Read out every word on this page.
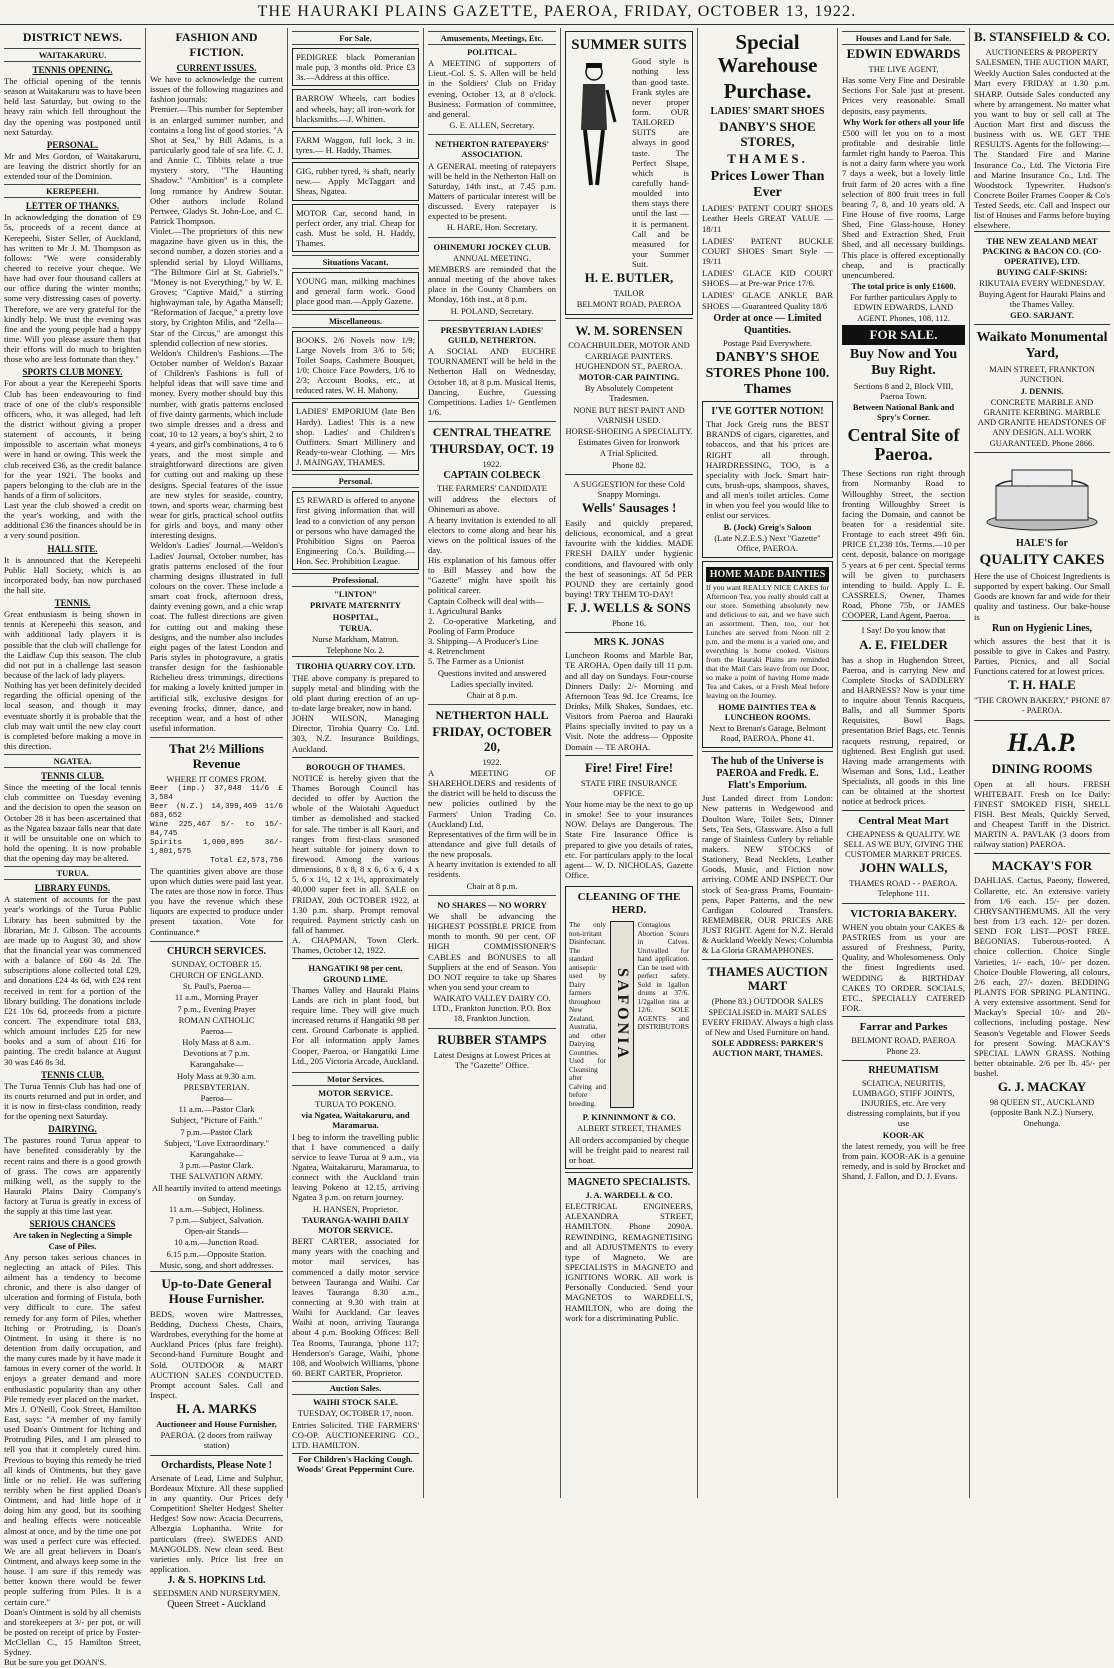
THE HAURAKI PLAINS GAZETTE, PAEROA, FRIDAY, OCTOBER 13, 1922.
DISTRICT NEWS.
WAITAKARURU.
TENNIS OPENING.

The official opening of the tennis season at Waitakaruru was to have been held last Saturday, but owing to the heavy rain which fell throughout the day the opening was postponed until next Saturday.

PERSONAL.

Mr and Mrs Gordon, of Waitakaruru, are leaving the district shortly for an extended tour of the Dominion.

KEREPEEHI.
LETTER OF THANKS.

In acknowledging the donation of £9 5s, proceeds of a recent dance at Kerepeehi, Sister Seller, of Auckland, has written to Mr J. M. Thompson as follows: "We were considerably cheered to receive your cheque. We have had over four thousand callers at our office during the winter months; some very distressing cases of poverty. Therefore, we are very grateful for the kindly help. We trust the evening was fine and the young people had a happy time. Will you please assure them that their efforts will do much to brighten those who are less fortunate than they."

SPORTS CLUB MONEY.

For about a year the Kerepeehi Sports Club has been endeavouring to find trace of one of the club's responsible officers, who, it was alleged, had left the district without giving a proper statement of accounts, it being impossible to ascertain what moneys were in hand or owing. This week the club received £36, as the credit balance for the year 1921. The books and papers belonging to the club are in the hands of a firm of solicitors.

Last year the club showed a credit on the year's working, and with the additional £36 the finances should be in a very sound position.

HALL SITE.

It is announced that the Kerepeehi Public Hall Society, which is an incorporated body, has now purchased the hall site.

TENNIS.

Great enthusiasm is being shown in tennis at Kerepeehi this season, and with additional lady players it is possible that the club will challenge for the Laidlaw Cup this season. The club did not put in a challenge last season because of the lack of lady players.

Nothing has yet been definitely decided regarding the official opening of the local season, and though it may eventuate shortly it is probable that the club may wait until the new clay court is completed before making a move in this direction.

NGATEA.
TENNIS CLUB.

Since the meeting of the local tennis club committee on Tuesday evening and the decision to open the season on October 28 it has been ascertained that as the Ngatea bazaar falls near that date it will be unsuitable one on which to hold the opening. It is now probable that the opening day may be altered.

TURUA.
LIBRARY FUNDS.

A statement of accounts for the past year's workings of the Turua Public Library has been submitted by the librarian, Mr J. Gibson. The accounts are made up to August 30, and show that the financial year was commenced with a balance of £60 4s 2d. The subscriptions alone collected total £29, and donations £24 4s 6d, with £24 rent received in rent for a portion of the library building. The donations include £21 10s 6d, proceeds from a picture concert. The expenditure total £83, which amount includes £25 for new books and a sum of about £16 for painting. The credit balance at August 30 was £46 8s 3d.

TENNIS CLUB.

The Turua Tennis Club has had one of its courts returned and put in order, and it is now in first-class condition, ready for the opening next Saturday.

DAIRYING.

The pastures round Turua appear to have benefited considerably by the recent rains and there is a good growth of grass. The cows are apparently milking well, as the supply to the Hauraki Plains Dairy Company's factory at Turua is greatly in excess of the supply at this time last year.

SERIOUS CHANCES
Are taken in Neglecting a Simple Case of Piles.

Any person takes serious chances in neglecting an attack of Piles. This ailment has a tendency to become chronic, and there is also danger of ulceration and forming of Fistula, both very difficult to cure. The safest remedy for any form of Piles, whether Itching or Protruding, is Doan's Ointment. In using it there is no detention from daily occupation, and the many cures made by it have made it famous in every corner of the world. It enjoys a greater demand and more enthusiastic popularity than any other Pile remedy ever placed on the market.

Mrs J. O'Neill, Cook Street, Hamilton East, says: "A member of my family used Doan's Ointment for Itching and Protruding Piles, and I am pleased to tell you that it completely cured him. Previous to buying this remedy he tried all kinds of Ointments, but they gave little or no relief. He was suffering terribly when he first applied Doan's Ointment, and had little hope of it doing him any good, but its soothing and healing effects were noticeable almost at once, and by the time one pot was used a perfect cure was effected. We are all great believers in Doan's Ointment, and always keep some in the house. I am sure if this remedy was better known there would be fewer people suffering from Piles. It is a certain cure."

Doan's Ointment is sold by all chemists and storekeepers at 3/- per pot, or will be posted on receipt of price by Foster-McClellan C., 15 Hamilton Street, Sydney.

But be sure you get DOAN'S.

FASHION AND FICTION.
CURRENT ISSUES.

We have to acknowledge the current issues of the following magazines and fashion journals:

Premier.—This number for September is an enlarged summer number, and contains a long list of good stories. "A Shot at Sea," by Bill Adams, is a particularly good tale of sea life. C. J. and Annie C. Tibbits relate a true mystery story, "The Haunting Shadow." "Ambition" is a complete long romance by Andrew Soutar. Other authors include Roland Pertwee, Gladys St. John-Loe, and C. Patrick Thompson.

Violet.—The proprietors of this new magazine have given us in this, the second number, a dozen stories and a splendid serial by Lloyd Williams, "The Biltmore Girl at St. Gabriel's." "Money is not Everything," by W. E. Groves; "Captive Maid," a stirring highwayman tale, by Agatha Mansell; "Reformation of Jacque," a pretty love story, by Crighton Milis, and "Zella—Star of the Circus," are amongst this splendid collection of new stories.

Weldon's Children's Fashions.—The October number of Weldon's Bazaar of Children's Fashions is full of helpful ideas that will save time and money. Every mother should buy this number, with gratis patterns enclosed of five dainty garments, which include two simple dresses and a dress and coat, 10 to 12 years, a boy's shirt, 2 to 4 years, and girl's combinations, 4 to 6 years, and the most simple and straightforward directions are given for cutting out and making up these designs. Special features of the issue are new styles for seaside, country, town, and sports wear, charming best wear for girls, practical school outfits for girls and boys, and many other interesting designs.

Weldon's Ladies' Journal.—Weldon's Ladies' Journal, October number, has gratis patterns enclosed of the four charming designs illustrated in full colours on the cover. These include a smart coat frock, afternoon dress, dainty evening gown, and a chic wrap coat. The fullest directions are given for cutting out and making these designs, and the number also includes eight pages of the latest London and Paris styles in photogravure, a gratis transfer design for the fashionable Richelieu dress trimmings, directions for making a lovely knitted jumper in artificial silk, exclusive designs for evening frocks, dinner, dance, and reception wear, and a host of other useful information.

That 2½ Millions Revenue
WHERE IT COMES FROM.

Beer (imp.) 37,848 11/6 £ 3,584

Beer (N.Z.) 14,399,469 11/6 683,652

Wine 225,467 5/- to 15/- 84,745

Spirits 1,000,895 36/- 1,801,575

Total £2,573,756

The quantities given above are those upon which duties were paid last year. The rates are those now in force. Thus you have the revenue which these liquors are expected to produce under present taxation. Vote for Continuance.*

CHURCH SERVICES.
SUNDAY, OCTOBER 15.
CHURCH OF ENGLAND.
St. Paul's, Paeroa—
11 a.m., Morning Prayer
7 p.m., Evening Prayer
ROMAN CATHOLIC
Paeroa—
Holy Mass at 8 a.m.
Devotions at 7 p.m.
Karangahake—
Holy Mass at 9.30 a.m.
PRESBYTERIAN.
Paeroa—
11 a.m.—Pastor Clark
Subject, "Picture of Faith."
7 p.m.—Pastor Clark
Subject, "Love Extraordinary."
Karangahake—
3 p.m.—Pastor Clark.
THE SALVATION ARMY.
All heartily invited to attend meetings on Sunday.
11 a.m.—Subject, Holiness.
7 p.m.—Subject, Salvation.
Open-air Stands—
10 a.m.—Junction Road.
6.15 p.m.—Opposite Station.
Music, song, and short addresses.
Up-to-Date General House Furnisher.

BEDS, woven wire Mattresses, Bedding, Duchess Chests, Chairs, Wardrobes, everything for the home at Auckland Prices (plus fare freight). Second-hand Furniture Bought and Sold. OUTDOOR & MART AUCTION SALES CONDUCTED. Prompt account Sales. Call and Inspect.

H. A. MARKS
Auctioneer and House Furnisher,
PAEROA. (2 doors from railway station)
Orchardists, Please Note !

Arsenate of Lead, Lime and Sulphur, Bordeaux Mixture. All these supplied in any quantity. Our Prices defy Competition! Shelter Hedges! Shelter Hedges! Sow now: Acacia Decurrens, Albezgia Lophantha. Write for particulars (free). SWEDES AND MANGOLDS. New clean seed. Best varieties only. Price list free on application.

J. & S. HOPKINS Ltd.
SEEDSMEN AND NURSERYMEN.
Queen Street - Auckland
For Sale.

PEDIGREE black Pomeranian male pup, 3 months old. Price £3 3s.—Address at this office.

BARROW Wheels, cart bodies and wheels, hay; all iron-work for blacksmiths.—J. Whitten.

FARM Waggon, full lock, 3 in. tyres.— H. Haddy, Thames.

GIG, rubber tyred, ¾ shaft, nearly new.— Apply McTaggart and Sheas, Ngatea.

MOTOR Car, second hand, in perfect order, any trial. Cheap for cash. Must be sold. H. Haddy, Thames.

Situations Vacant.

YOUNG man, milking machines and general farm work. Good place good man.—Apply Gazette.

Miscellaneous.

BOOKS. 2/6 Novels now 1/9; Large Novels from 3/6 to 5/6; Toilet Soaps, Cashmere Bouquet, 1/0; Choice Face Powders, 1/6 to 2/3; Account Books, etc., at reduced rates. W. H. Mahony.

LADIES' EMPORIUM (late Ben Hardy). Ladies! This is a new shop. Ladies' and Children's Outfitters. Smart Millinery and Ready-to-wear Clothing. — Mrs J. MAINGAY, THAMES.

Personal.

£5 REWARD is offered to anyone first giving information that will lead to a conviction of any person or persons who have damaged the Prohibition Signs on Paeroa Engineering Co.'s. Building.— Hon. Sec. Prohibition League.

Professional.
"LINTON"
PRIVATE MATERNITY
HOSPITAL,
TURUA.
Nurse Markham, Matron.
Telephone No. 2.
TIROHIA QUARRY COY. LTD.

THE above company is prepared to supply metal and blinding with the old plant during erection of an up-to-date large breaker, now in hand.

JOHN WILSON, Managing Director, Tirohia Quarry Co. Ltd. 303, N.Z. Insurance Buildings, Auckland.

BOROUGH OF THAMES.

NOTICE is hereby given that the Thames Borough Council has decided to offer by Auction the whole of the Waiotahi Aqueduct timber as demolished and stacked for sale. The timber is all Kauri, and ranges from first-class seasoned heart suitable for joinery down to firewood. Among the various dimensions, 8 x 8, 8 x 6, 6 x 6, 4 x 5, 6 x 1½, 12 x 1½, approximately 40,000 super feet in all. SALE on FRIDAY, 20th OCTOBER 1922, at 1.30 p.m. sharp. Prompt removal required. Payment strictly cash on fall of hammer.

A. CHAPMAN, Town Clerk. Thames, October 12, 1922.

HANGATIKI 98 per cent. GROUND LIME.

Thames Valley and Hauraki Plains Lands are rich in plant food, but require lime. They will give much increased returns if Hangatiki 98 per cent. Ground Carbonate is applied. For all information apply James Cooper, Paeroa, or Hangatiki Lime Ltd., 205 Victoria Arcade, Auckland.

Motor Services.
MOTOR SERVICE.
TURUA TO POKENO.
via Ngatea, Waitakaruru, and Maramarua.

I beg to inform the travelling public that I have commenced a daily service to leave Turua at 9 a.m., via Ngatea, Waitakaruru, Maramarua, to connect with the Auckland train leaving Pokeno at 12.15, arriving Ngatea 3 p.m. on return journey.

H. HANSEN, Proprietor.
TAURANGA-WAIHI DAILY MOTOR SERVICE.

BERT CARTER, associated for many years with the coaching and motor mail services, has commenced a daily motor service between Tauranga and Waihi. Car leaves Tauranga 8.30 a.m., connecting at 9.30 with train at Waihi for Auckland. Car leaves Waihi at noon, arriving Tauranga about 4 p.m. Booking Offices: Bell Tea Rooms, Tauranga, 'phone 117; Henderson's Garage, Waihi, 'phone 108, and Woolwich Williams, 'phone 60. BERT CARTER, Proprietor.

Auction Sales.
WAIHI STOCK SALE.
TUESDAY, OCTOBER 17, noon.

Entries Solicited. THE FARMERS' CO-OP. AUCTIONEERING CO., LTD. HAMILTON.

For Children's Hacking Cough. Woods' Great Peppermint Cure.
Amusements, Meetings, Etc.
POLITICAL.

A MEETING of supporters of Lieut.-Col. S. S. Allen will be held in the Soldiers' Club on Friday evening, October 13, at 8 o'clock. Business: Formation of committee, and general.

G. E. ALLEN, Secretary.
NETHERTON RATEPAYERS' ASSOCIATION.

A GENERAL meeting of ratepayers will be held in the Netherton Hall on Saturday, 14th inst., at 7.45 p.m. Matters of particular interest will be discussed. Every ratepayer is expected to be present.

H. HARE, Hon. Secretary.
OHINEMURI JOCKEY CLUB.
ANNUAL MEETING.

MEMBERS are reminded that the annual meeting of the above takes place in the County Chambers on Monday, 16th inst., at 8 p.m.

H. POLAND, Secretary.
PRESBYTERIAN LADIES' GUILD, NETHERTON.

A SOCIAL AND EUCHRE TOURNAMENT will be held in the Netherton Hall on Wednesday, October 18, at 8 p.m. Musical Items, Dancing, Euchre, Guessing Competitions. Ladies 1/- Gentlemen 1/6.

CENTRAL THEATRE
THURSDAY, OCT. 19
1922.
CAPTAIN COLBECK
THE FARMERS' CANDIDATE

will address the electors of Ohinemuri as above.

A hearty invitation is extended to all electors to come along and hear his views on the political issues of the day.

His explanation of his famous offer to Bill Massey and how the "Gazette" might have spoilt his political career.

Captain Colbeck will deal with—

1. Agricultural Banks

2. Co-operative Marketing, and Pooling of Farm Produce

3. Shipping—A Producer's Line

4. Retrenchment

5. The Farmer as a Unionist

Questions invited and answered
Ladies specially invited.
Chair at 8 p.m.
NETHERTON HALL
FRIDAY, OCTOBER 20,
1922.

A MEETING OF SHAREHOLDERS and residents of the district will be held to discuss the new policies outlined by the Farmers' Union Trading Co. (Auckland) Ltd.

Representatives of the firm will be in attendance and give full details of the new proposals.

A hearty invitation is extended to all residents.

Chair at 8 p.m.
NO SHARES — NO WORRY

We shall be advancing the HIGHEST POSSIBLE PRICE from month to month. 90 per cent. OF HIGH COMMISSIONER'S CABLES and BONUSES to all Suppliers at the end of Season. You DO NOT require to take up Shares when you send your cream to

WAIKATO VALLEY DAIRY CO. LTD., Frankton Junction. P.O. Box 18, Frankton Junction.
RUBBER STAMPS
Latest Designs at Lowest Prices at The "Gazette" Office.
SUMMER SUITS

Good style is nothing less than good taste. Frank styles are never proper form. OUR TAILORED SUITS are always in good taste. The Perfect Shape, which is carefully hand-moulded into them stays there until the last — it is permanent. Call and be measured for your Summer Suit.

H. E. BUTLER,
TAILOR
BELMONT ROAD, PAEROA
W. M. SORENSEN
COACHBUILDER, MOTOR AND CARRIAGE PAINTERS. HUGHENDON ST., PAEROA.
MOTOR-CAR PAINTING.
By Absolutely Competent Tradesmen.
NONE BUT BEST PAINT AND VARNISH USED.
HORSE-SHOEING A SPECIALITY.
Estimates Given for Ironwork
A Trial Splicited.
Phone 82.
A SUGGESTION for these Cold Snappy Mornings.
Wells' Sausages !

Easily and quickly prepared, delicious, economical, and a great favourite with the kiddies. MADE FRESH DAILY under hygienic conditions, and flavoured with only the best of seasonings. AT 5d PER POUND they are certainly good buying! TRY THEM TO-DAY!

F. J. WELLS & SONS
Phone 16.
MRS K. JONAS

Luncheon Rooms and Marble Bar, TE AROHA. Open daily till 11 p.m. and all day on Sundays. Four-course Dinners Daily: 2/- Morning and Afternoon Teas 9d. Ice Creams, Ice Drinks, Milk Shakes, Sundaes, etc. Visitors from Paeroa and Hauraki Plains specially invited to pay us a Visit. Note the address— Opposite Domain — TE AROHA.

Fire! Fire! Fire!
STATE FIRE INSURANCE OFFICE.

Your home may be the next to go up in smoke! See to your insurances NOW. Delays are Dangerous. The State Fire Insurance Office is prepared to give you details of rates, etc. For particulars apply to the local agent— W. D. NICHOLAS, Gazette Office.

CLEANING OF THE HERD.

The only non-irritant Disinfectant. The standard antiseptic used by Dairy farmers throughout New Zealand, Australia, and other Dairying Countries. Used for Cleansing after Calving and before breeding.

SAFONIA

Contagious Abortion Scours in Calves. Unrivalled for hand application. Can be used with perfect safety. Sold in 1gallon drums at 37/6. 1/2gallon tins at 12/6. SOLE AGENTS and DISTRIBUTORS

P. KINNINMONT & CO.
ALBERT STREET, THAMES

All orders accompanied by cheque will be freight paid to nearest rail or boat.

MAGNETO SPECIALISTS.
J. A. WARDELL & CO.

ELECTRICAL ENGINEERS, ALEXANDRA STREET, HAMILTON. Phone 2090A. REWINDING, REMAGNETISING and all ADJUSTMENTS to every type of Magneto. We are SPECIALISTS in MAGNETO and IGNITIONS WORK. All work is Personally Conducted. Send your MAGNETOS to WARDELL'S, HAMILTON, who are doing the work for a discriminating Public.

Special Warehouse
Purchase.
LADIES' SMART SHOES
DANBY'S SHOE STORES,
THAMES.
Prices Lower Than Ever

LADIES' PATENT COURT SHOES Leather Heels GREAT VALUE — 18/11

LADIES' PATENT BUCKLE COURT SHOES Smart Style — 19/11

LADIES' GLACE KID COURT SHOES— at Pre-war Price 17/6.

LADIES' GLACE ANKLE BAR SHOES — Guaranteed Quality 18/6

Order at once — Limited Quantities.
Postage Paid Everywhere.
DANBY'S SHOE STORES Phone 100. Thames
I'VE GOTTER NOTION!

That Jock Greig runs the BEST BRANDS of cigars, cigarettes, and tobaccos, and that his prices are RIGHT all through. HAIRDRESSING, TOO, is a speciality with Jock. Smart hair-cuts, brush-ups, shampoos, shaves, and all men's toilet articles. Come in when you feel you would like to enlist our services.

B. (Jock) Greig's Saloon
(Late N.Z.E.S.) Next "Gazette" Office, PAEROA.
HOME MADE DAINTIES

If you want REALLY NICE CAKES for Afternoon Tea, you really should call at our store. Something absolutely new and delicious to eat, and we have such an assortment. Then, too, our hot Lunches are served from Noon till 2 p.m. and the menu is a varied one, and everything is home cooked. Visitors from the Hauraki Plains are reminded that the Mail Cars leave from our Door, so make a point of having Home made Tea and Cakes, or a Fresh Meal before leaving on the Journey.

HOME DAINTIES TEA & LUNCHEON ROOMS.
Next to Brenan's Garage, Belmont Road, PAEROA. Phone 41.
The hub of the Universe is PAEROA and Fredk. E. Flatt's Emporium.

Just Landed direct from London: New patterns in Wedgewood and Doulton Ware, Toilet Sets, Dinner Sets, Tea Sets, Glassware. Also a full range of Stainless Cutlery by reliable makers. NEW STOCKS of Stationery, Bead Necklets, Leather Goods, Music, and Fiction now arriving. COME AND INSPECT. Our stock of Sea-grass Prams, Fountain-pens, Paper Patterns, and the new Cardigan Coloured Transfers. REMEMBER, OUR PRICES ARE JUST RIGHT. Agent for N.Z. Herald & Auckland Weekly News; Columbia & La Gloria GRAMAPHONES.

THAMES AUCTION MART
(Phone 83.) OUTDOOR SALES SPECIALISED in. MART SALES EVERY FRIDAY. Always a high class of New and Used Furniture on hand.
SOLE ADDRESS: PARKER'S AUCTION MART, THAMES.
Houses and Land for Sale.
EDWIN EDWARDS
THE LIVE AGENT,

Has some Very Fine and Desirable Sections For Sale just at present. Prices very reasonable. Small deposits, easy payments.

Why Work for others all your life

£500 will let you on to a most profitable and desirable little farmlet right handy to Paeroa. This is not a dairy farm where you work 7 days a week, but a lovely little fruit farm of 20 acres with a fine selection of 800 fruit trees in full bearing 7, 8, and 10 years old. A Fine House of five rooms, Large Shed, Fine Glass-house, Honey Shed and Extraction Shed, Fruit Shed, and all necessary buildings. This place is offered exceptionally cheap, and is practically unencumbered.

The total price is only £1600.
For further particulars Apply to EDWIN EDWARDS, LAND AGENT. Phones, 108, 112.
FOR SALE.
Buy Now and You Buy Right.
Sections 8 and 2, Block VIII, Paeroa Town.
Between National Bank and Spry's Corner.
Central Site of Paeroa.

These Sections run right through from Normanby Road to Willoughby Street, the section fronting Willoughby Street is facing the Domain, and cannot be beaten for a residential site. Frontage to each street 49ft 6in. PRICE £1,238 10s. Terms.—10 per cent. deposit, balance on mortgage 5 years at 6 per cent. Special terms will be given to purchasers intending to build. Apply L. E. CASSRELS, Owner, Thames Road, Phone 75b, or JAMES COOPER, Land Agent, Paeroa.

I Say! Do you know that
A. E. FIELDER

has a shop in Hughendon Street, Paeroa, and is carrying New and Complete Stocks of SADDLERY and HARNESS? Now is your time to inquire about Tennis Racquets, Balls, and all Summer Sports Requisites, Bowl Bags, presentation Brief Bags, etc. Tennis racquets restrung, repaired, or tightened. Best English gut used. Having made arrangements with Wiseman and Sons, Ltd., Leather Specialists, all goods in this line can be obtained at the shortest notice at bedrock prices.

Central Meat Mart
CHEAPNESS & QUALITY. WE SELL AS WE BUY, GIVING THE CUSTOMER MARKET PRICES.
JOHN WALLS,
THAMES ROAD - - PAEROA. Telephone 111.
VICTORIA BAKERY.

WHEN you obtain your CAKES & PASTRIES from us your are assured of Freshness, Purity, Quality, and Wholesomeness. Only the finest Ingredients used. WEDDING & BIRTHDAY CAKES TO ORDER. SOCIALS, ETC., SPECIALLY CATERED FOR.

Farrar and Parkes
BELMONT ROAD, PAEROA Phone 23.
RHEUMATISM
SCIATICA, NEURITIS, LUMBAGO, STIFF JOINTS, INJURIES, etc. Are very distressing complaints, but if you use
KOOR-AK

the latest remedy, you will be free from pain. KOOR-AK is a genuine remedy, and is sold by Brocket and Shand, J. Fallon, and D. J. Evans.

B. STANSFIELD & CO.
AUCTIONEERS & PROPERTY SALESMEN, THE AUCTION MART,

Weekly Auction Sales conducted at the Mart every FRIDAY at 1.30 p.m. SHARP. Outside Sales conducted any where by arrangement. No matter what you want to buy or sell call at The Auction Mart first and discuss the business with us. WE GET THE RESULTS. Agents for the following:— The Standard Fire and Marine Insurance Co., Ltd. The Victoria Fire and Marine Insurance Co., Ltd. The Woodstock Typewriter. Hudson's Concrete Boiler Frames Cooper & Co's Tested Seeds, etc. Call and Inspect our list of Houses and Farms before buying elsewhere.

THE NEW ZEALAND MEAT PACKING & BACON CO. (CO-OPERATIVE), LTD.
BUYING CALF-SKINS:
RIKUTAIA EVERY WEDNESDAY. Buying Agent for Hauraki Plains and the Thames Valley.
GEO. SARJANT.
Waikato Monumental Yard,
MAIN STREET, FRANKTON JUNCTION.
J. DENNIS.
CONCRETE MARBLE AND GRANITE KERBING. MARBLE AND GRANITE HEADSTONES OF ANY DESIGN. ALL WORK GUARANTEED. Phone 2866.
HALE'S for
QUALITY CAKES

Here the use of Choicest Ingredients is supported by expert baking. Our Small Goods are known far and wide for their quality and tastiness. Our bake-house is

Run on Hygienic Lines,

which assures the best that it is possible to give in Cakes and Pastry. Parties, Picnics, and all Social Functions catered for at lowest prices.

T. H. HALE
"THE CROWN BAKERY," PHONE 87 - PAEROA.
H.A.P.
DINING ROOMS

Open at all hours. FRESH WHITEBAIT. Fresh on Ice Daily: FINEST SMOKED FISH, SHELL FISH. Best Meals, Quickly Served, and Cheapest Tariff in the District. MARTIN A. PAVLAK (3 doors from railway station) PAEROA.

MACKAY'S FOR

DAHLIAS. Cactus, Paeony, flowered, Collarette, etc. An extensive variety from 1/6 each. 15/- per dozen. CHRYSANTHEMUMS. All the very best from 1/3 each. 12/- per dozen. SEND FOR LIST—POST FREE. BEGONIAS. Tuberous-rooted. A choice collection. Choice Single Varieties, 1/- each, 10/- per dozen. Choice Double Flowering, all colours, 2/6 each, 27/- dozen. BEDDING PLANTS FOR SPRING PLANTING. A very extensive assortment. Send for Mackay's Special 10/- and 20/- collections, including postage. New Season's Vegetable and Flower Seeds for present Sowing. MACKAY'S SPECIAL LAWN GRASS. Nothing better obtainable. 2/6 per lb. 45/- per bushel.

G. J. MACKAY
98 QUEEN ST., AUCKLAND (opposite Bank N.Z.) Nursery, Onehunga.
